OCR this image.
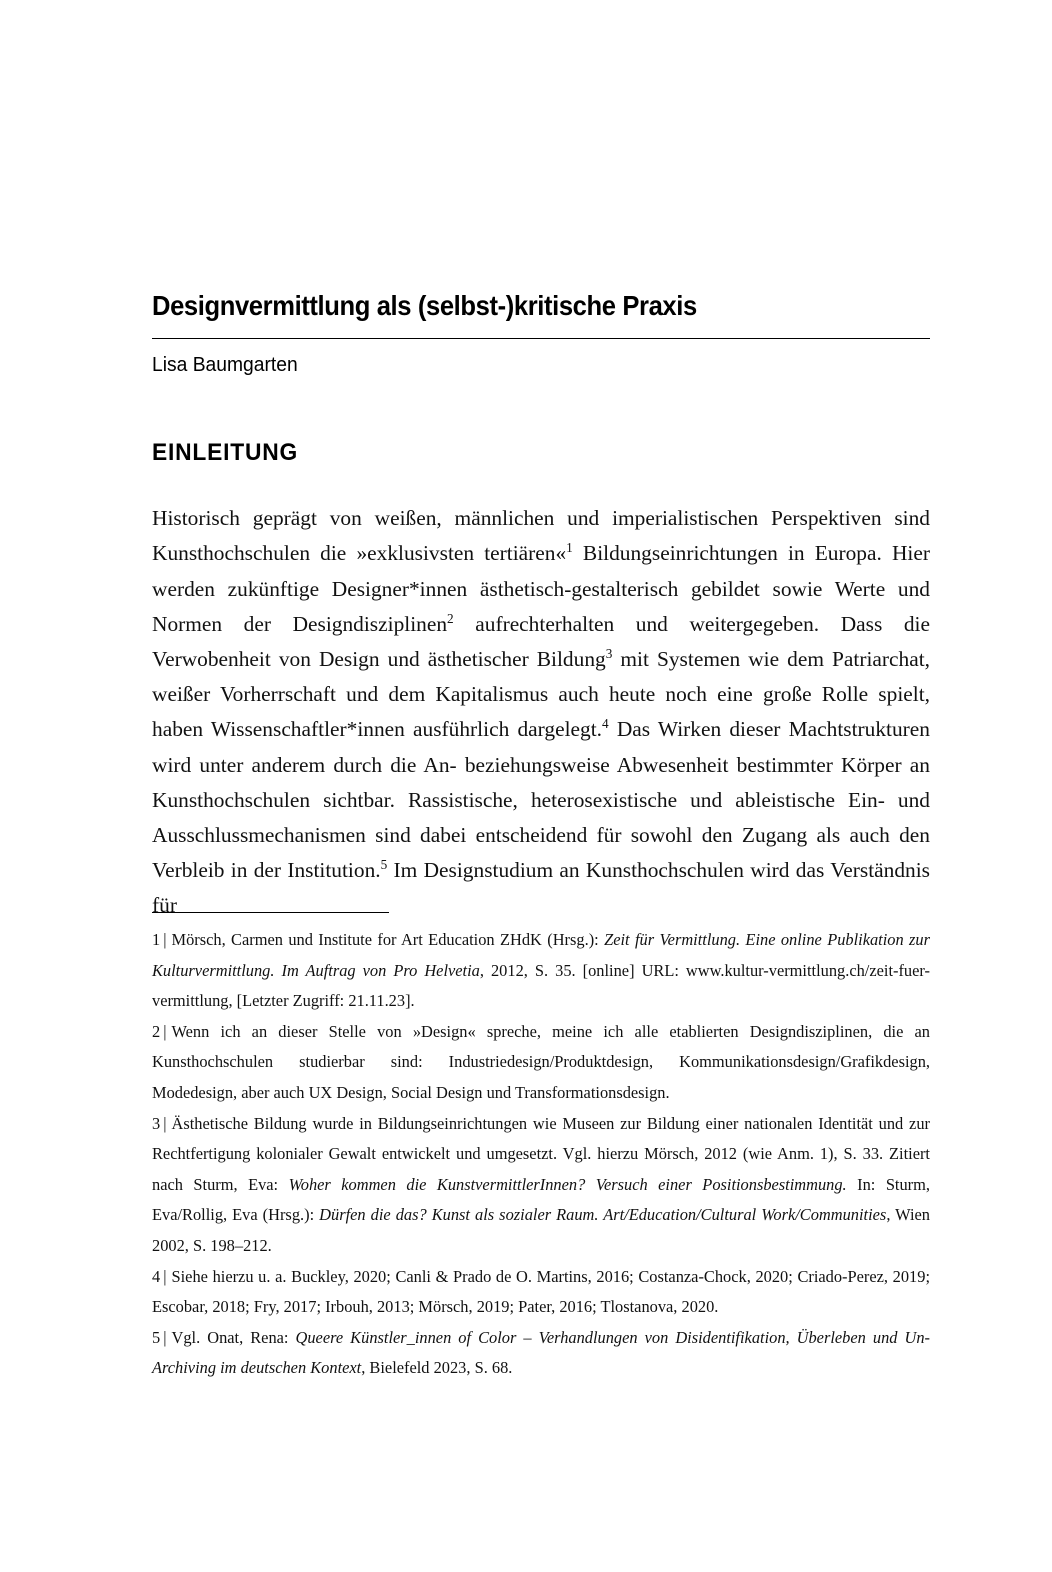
Designvermittlung als (selbst-)kritische Praxis

Lisa Baumgarten

EINLEITUNG

Historisch geprägt von weißen, männlichen und imperialistischen Perspektiven sind Kunsthochschulen die »exklusivsten tertiären«$^1$ Bildungseinrichtungen in Europa. Hier werden zukünftige Designer*innen ästhetisch-gestalterisch gebildet sowie Werte und Normen der Designdisziplinen$^2$ aufrechterhalten und weitergegeben. Dass die Verwobenheit von Design und ästhetischer Bildung$^3$ mit Systemen wie dem Patriarchat, weißer Vorherrschaft und dem Kapitalismus auch heute noch eine große Rolle spielt, haben Wissenschaftler*innen ausführlich dargelegt.$^4$ Das Wirken dieser Machtstrukturen wird unter anderem durch die An- beziehungsweise Abwesenheit bestimmter Körper an Kunsthochschulen sichtbar. Rassistische, heterosexistische und ableistische Ein- und Ausschlussmechanismen sind dabei entscheidend für sowohl den Zugang als auch den Verbleib in der Institution.$^5$ Im Designstudium an Kunsthochschulen wird das Verständnis für

1 | Mörsch, Carmen und Institute for Art Education ZHdK (Hrsg.): Zeit für Vermittlung. Eine online Publikation zur Kulturvermittlung. Im Auftrag von Pro Helvetia, 2012, S. 35. [online] URL: www.kultur-vermittlung.ch/zeit-fuer-vermittlung, [Letzter Zugriff: 21.11.23].

2 | Wenn ich an dieser Stelle von »Design« spreche, meine ich alle etablierten Designdisziplinen, die an Kunsthochschulen studierbar sind: Industriedesign/Produktdesign, Kommunikationsdesign/Grafikdesign, Modedesign, aber auch UX Design, Social Design und Transformationsdesign.

3 | Ästhetische Bildung wurde in Bildungseinrichtungen wie Museen zur Bildung einer nationalen Identität und zur Rechtfertigung kolonialer Gewalt entwickelt und umgesetzt. Vgl. hierzu Mörsch, 2012 (wie Anm. 1), S. 33. Zitiert nach Sturm, Eva: Woher kommen die KunstvermittlerInnen? Versuch einer Positionsbestimmung. In: Sturm, Eva/Rollig, Eva (Hrsg.): Dürfen die das? Kunst als sozialer Raum. Art/Education/Cultural Work/Communities, Wien 2002, S. 198–212.

4 | Siehe hierzu u. a. Buckley, 2020; Canli & Prado de O. Martins, 2016; Costanza-Chock, 2020; Criado-Perez, 2019; Escobar, 2018; Fry, 2017; Irbouh, 2013; Mörsch, 2019; Pater, 2016; Tlostanova, 2020.

5 | Vgl. Onat, Rena: Queere Künstler_innen of Color – Verhandlungen von Disidentifikation, Überleben und Un-Archiving im deutschen Kontext, Bielefeld 2023, S. 68.
